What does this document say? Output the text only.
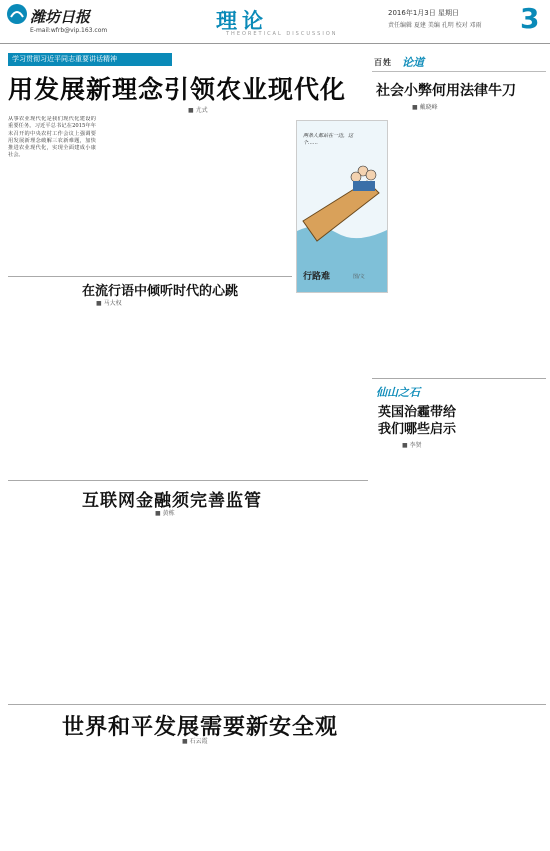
潍坊日报
E-mail:wfrb@vip.163.com	理论
THEORETICAL DISCUSSION
2016年1月3日 星期日
责任编辑 夏建 美编 孔明 校对 邓雨 3
学习贯彻习近平同志重要讲话精神
用发展新理念引领农业现代化
■ 尤式
从事农业现代化是我们现代化建设的重要任务。习近平总书记在2015年年末召开的中央农村工作会议上强调要用发展新理念破解三农新难题，加快推进农业现代化，实现全面建成小康社会。
两条人都站在一边，这个……
行路难	图/文
百姓 论道
社会小弊何用法律牛刀
■ 戴晓峰
仙山之石
英国治霾带给
我们哪些启示
■ 李贤
在流行语中倾听时代的心跳
■ 马大权
互联网金融须完善监管
■ 黄栋
世界和平发展需要新安全观
■ 石云霞
